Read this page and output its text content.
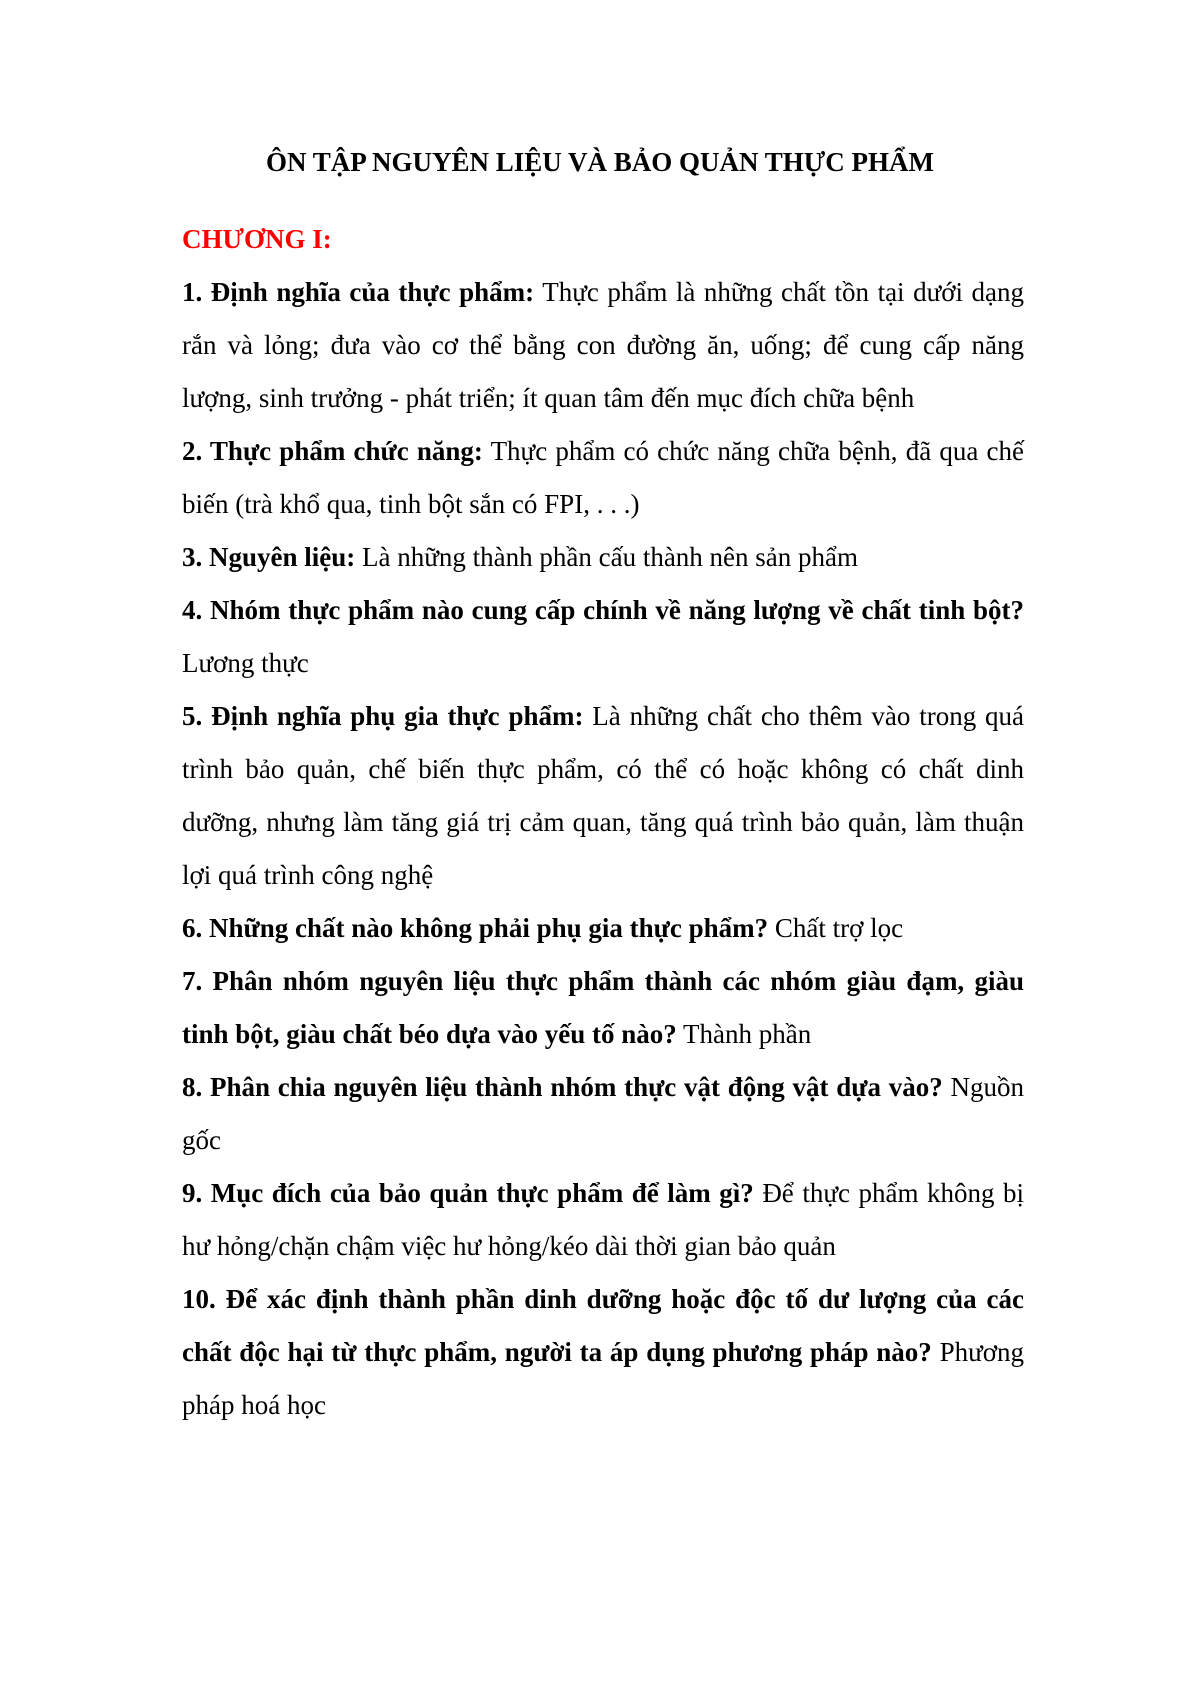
ÔN TẬP NGUYÊN LIỆU VÀ BẢO QUẢN THỰC PHẨM

CHƯƠNG I:

1. Định nghĩa của thực phẩm: Thực phẩm là những chất tồn tại dưới dạng rắn và lỏng; đưa vào cơ thể bằng con đường ăn, uống; để cung cấp năng lượng, sinh trưởng - phát triển; ít quan tâm đến mục đích chữa bệnh

2. Thực phẩm chức năng: Thực phẩm có chức năng chữa bệnh, đã qua chế biến (trà khổ qua, tinh bột sắn có FPI, . . .)

3. Nguyên liệu: Là những thành phần cấu thành nên sản phẩm

4. Nhóm thực phẩm nào cung cấp chính về năng lượng về chất tinh bột? Lương thực

5. Định nghĩa phụ gia thực phẩm: Là những chất cho thêm vào trong quá trình bảo quản, chế biến thực phẩm, có thể có hoặc không có chất dinh dưỡng, nhưng làm tăng giá trị cảm quan, tăng quá trình bảo quản, làm thuận lợi quá trình công nghệ

6. Những chất nào không phải phụ gia thực phẩm? Chất trợ lọc

7. Phân nhóm nguyên liệu thực phẩm thành các nhóm giàu đạm, giàu tinh bột, giàu chất béo dựa vào yếu tố nào? Thành phần

8. Phân chia nguyên liệu thành nhóm thực vật động vật dựa vào? Nguồn gốc

9. Mục đích của bảo quản thực phẩm để làm gì? Để thực phẩm không bị hư hỏng/chặn chậm việc hư hỏng/kéo dài thời gian bảo quản

10. Để xác định thành phần dinh dưỡng hoặc độc tố dư lượng của các chất độc hại từ thực phẩm, người ta áp dụng phương pháp nào? Phương pháp hoá học
